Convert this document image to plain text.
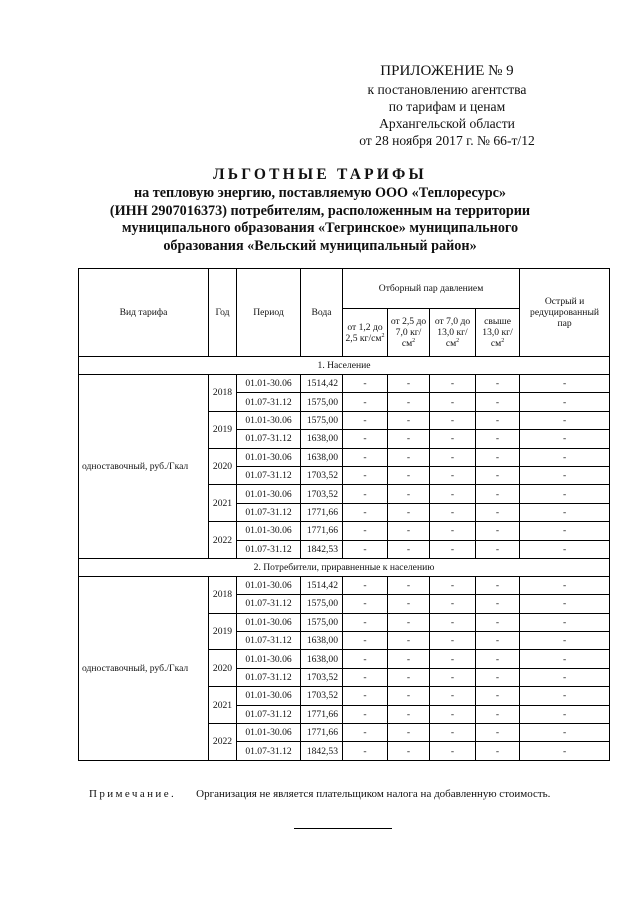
ПРИЛОЖЕНИЕ № 9
к постановлению агентства
по тарифам и ценам
Архангельской области
от 28 ноября 2017 г. № 66-т/12
ЛЬГОТНЫЕ ТАРИФЫ
на тепловую энергию, поставляемую ООО «Теплоресурс»
(ИНН 2907016373) потребителям, расположенным на территории
муниципального образования «Тегринское» муниципального
образования «Вельский муниципальный район»
Вид тарифа	Год	Период	Вода	Отборный пар давлением				Острый и редуцированный пар
				от 1,2 до 2,5 $кг/см^2$	от 2,5 до 7,0 $кг/см^2$	от 7,0 до 13,0 $кг/см^2$	свыше 13,0 $кг/см^2$
1. Население								
одноставочный, руб./Гкал	2018	01.01-30.06	1514,42	-	-	-	-	-
		01.07-31.12	1575,00	-	-	-	-	-
	2019	01.01-30.06	1575,00	-	-	-	-	-
		01.07-31.12	1638,00	-	-	-	-	-
	2020	01.01-30.06	1638,00	-	-	-	-	-
		01.07-31.12	1703,52	-	-	-	-	-
	2021	01.01-30.06	1703,52	-	-	-	-	-
		01.07-31.12	1771,66	-	-	-	-	-
	2022	01.01-30.06	1771,66	-	-	-	-	-
		01.07-31.12	1842,53	-	-	-	-	-
2. Потребители, приравненные к населению								
одноставочный, руб./Гкал	2018	01.01-30.06	1514,42	-	-	-	-	-
		01.07-31.12	1575,00	-	-	-	-	-
	2019	01.01-30.06	1575,00	-	-	-	-	-
		01.07-31.12	1638,00	-	-	-	-	-
	2020	01.01-30.06	1638,00	-	-	-	-	-
		01.07-31.12	1703,52	-	-	-	-	-
	2021	01.01-30.06	1703,52	-	-	-	-	-
		01.07-31.12	1771,66	-	-	-	-	-
	2022	01.01-30.06	1771,66	-	-	-	-	-
		01.07-31.12	1842,53	-	-	-	-	-
Примечание. Организация не является плательщиком налога на добавленную стоимость.
